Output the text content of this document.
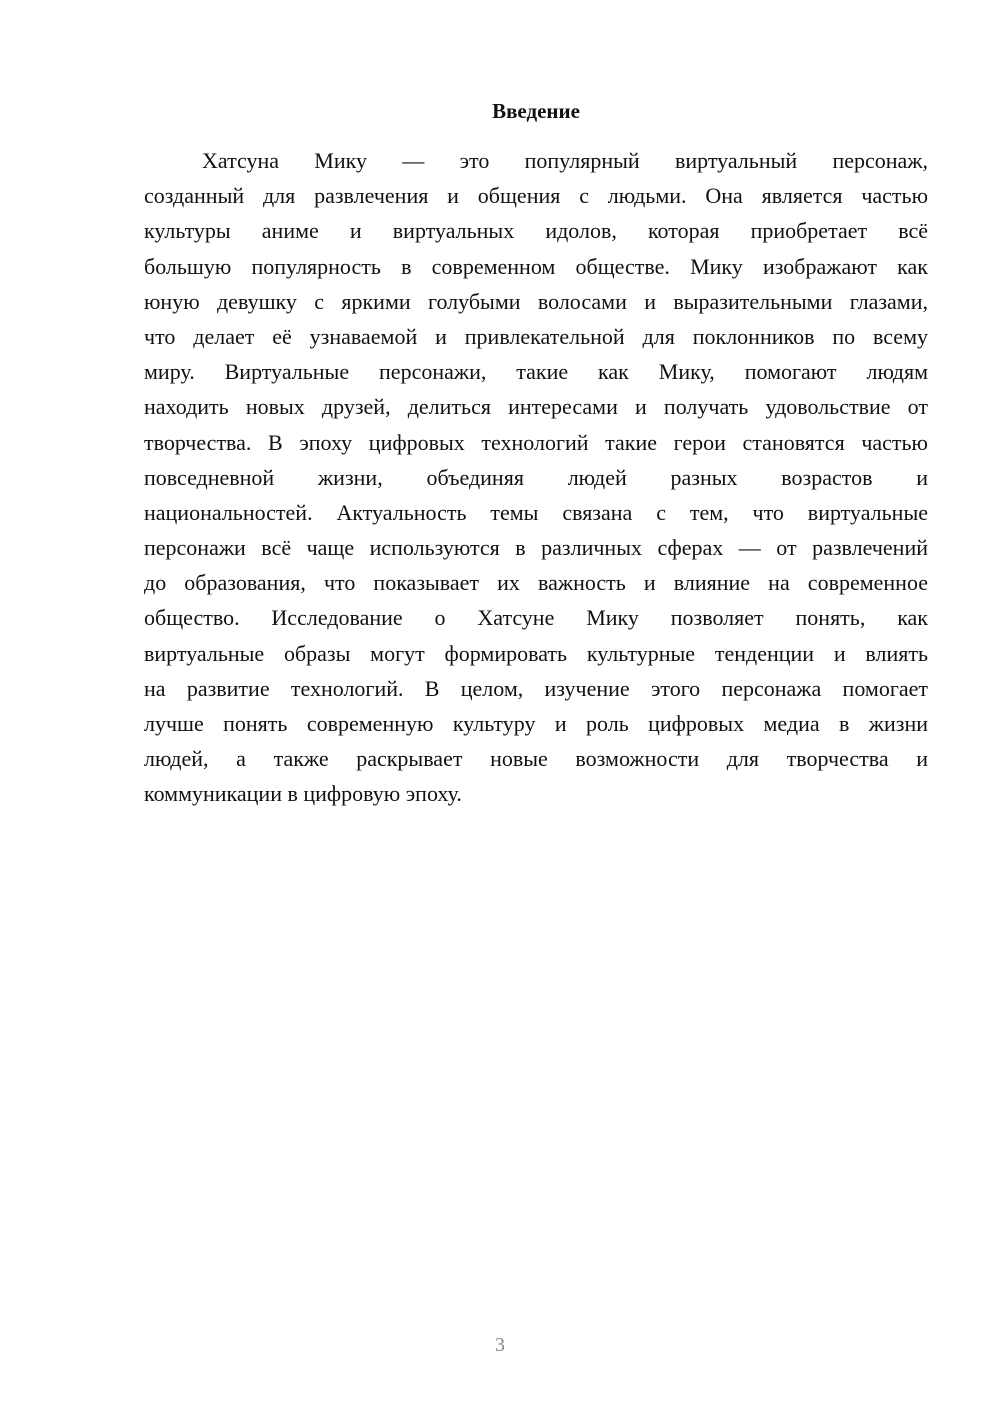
Введение
Хатсуна Мику — это популярный виртуальный персонаж,
созданный для развлечения и общения с людьми. Она является частью
культуры аниме и виртуальных идолов, которая приобретает всё
большую популярность в современном обществе. Мику изображают как
юную девушку с яркими голубыми волосами и выразительными глазами,
что делает её узнаваемой и привлекательной для поклонников по всему
миру. Виртуальные персонажи, такие как Мику, помогают людям
находить новых друзей, делиться интересами и получать удовольствие от
творчества. В эпоху цифровых технологий такие герои становятся частью
повседневной жизни, объединяя людей разных возрастов и
национальностей. Актуальность темы связана с тем, что виртуальные
персонажи всё чаще используются в различных сферах — от развлечений
до образования, что показывает их важность и влияние на современное
общество. Исследование о Хатсуне Мику позволяет понять, как
виртуальные образы могут формировать культурные тенденции и влиять
на развитие технологий. В целом, изучение этого персонажа помогает
лучше понять современную культуру и роль цифровых медиа в жизни
людей, а также раскрывает новые возможности для творчества и
коммуникации в цифровую эпоху.
3
